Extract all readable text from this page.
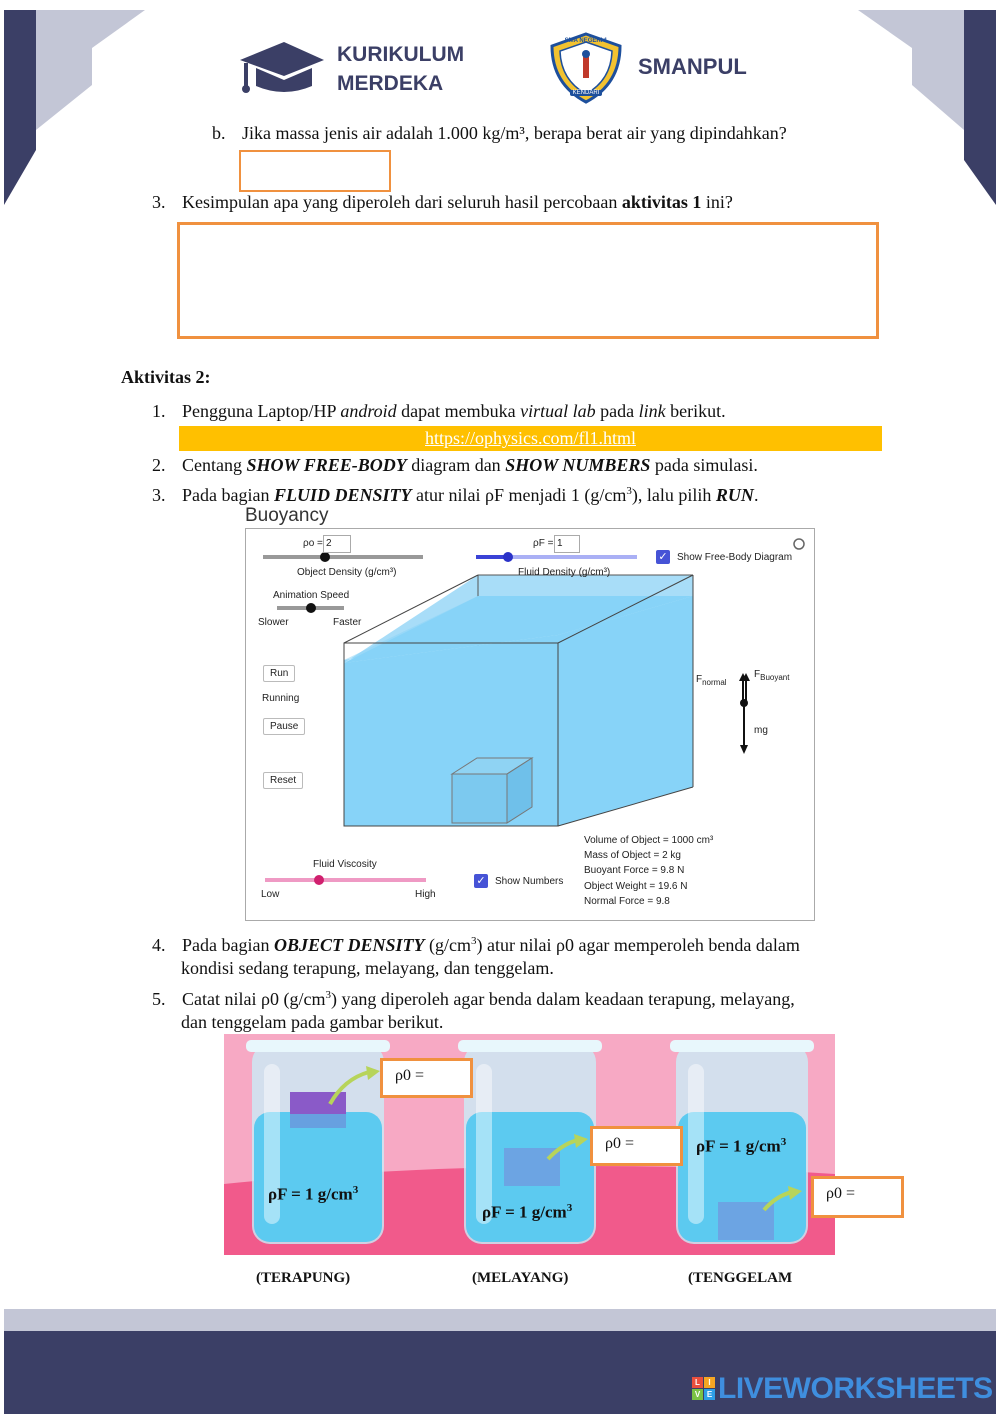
KURIKULUM
MERDEKA
SMA NEGERI 1
KENDARI
SMANPUL
b. Jika massa jenis air adalah 1.000 kg/m³, berapa berat air yang dipindahkan?
3. Kesimpulan apa yang diperoleh dari seluruh hasil percobaan aktivitas 1 ini?
Aktivitas 2:
1. Pengguna Laptop/HP android dapat membuka virtual lab pada link berikut.
https://ophysics.com/fl1.html
2. Centang SHOW FREE-BODY diagram dan SHOW NUMBERS pada simulasi.
3. Pada bagian FLUID DENSITY atur nilai ρF menjadi 1 $(g/cm^3)$, lalu pilih RUN.
Buoyancy
ρo = 2
Object Density (g/cm³)
ρF = 1
Fluid Density (g/cm³)
✓ Show Free-Body Diagram
Animation Speed
Slower	Faster
Run
Running
Pause
Reset
$F_{normal}$
$F_{Buoyant}$
mg
Fluid Viscosity
Low	High
✓ Show Numbers
Volume of Object = 1000 cm³
Mass of Object = 2 kg
Buoyant Force = 9.8 N
Object Weight = 19.6 N
Normal Force = 9.8
4. Pada bagian OBJECT DENSITY $(g/cm^3)$ atur nilai ρ0 agar memperoleh benda dalam
kondisi sedang terapung, melayang, dan tenggelam.
5. Catat nilai ρ0 $(g/cm^3)$ yang diperoleh agar benda dalam keadaan terapung, melayang,
dan tenggelam pada gambar berikut.
ρF = 1 $g/cm^3$
ρF = 1 $g/cm^3$
ρF = 1 $g/cm^3$
ρ0 =
ρ0 =
ρ0 =
(TERAPUNG)	(MELAYANG)	(TENGGELAM
L	I
V E LIVEWORKSHEETS
